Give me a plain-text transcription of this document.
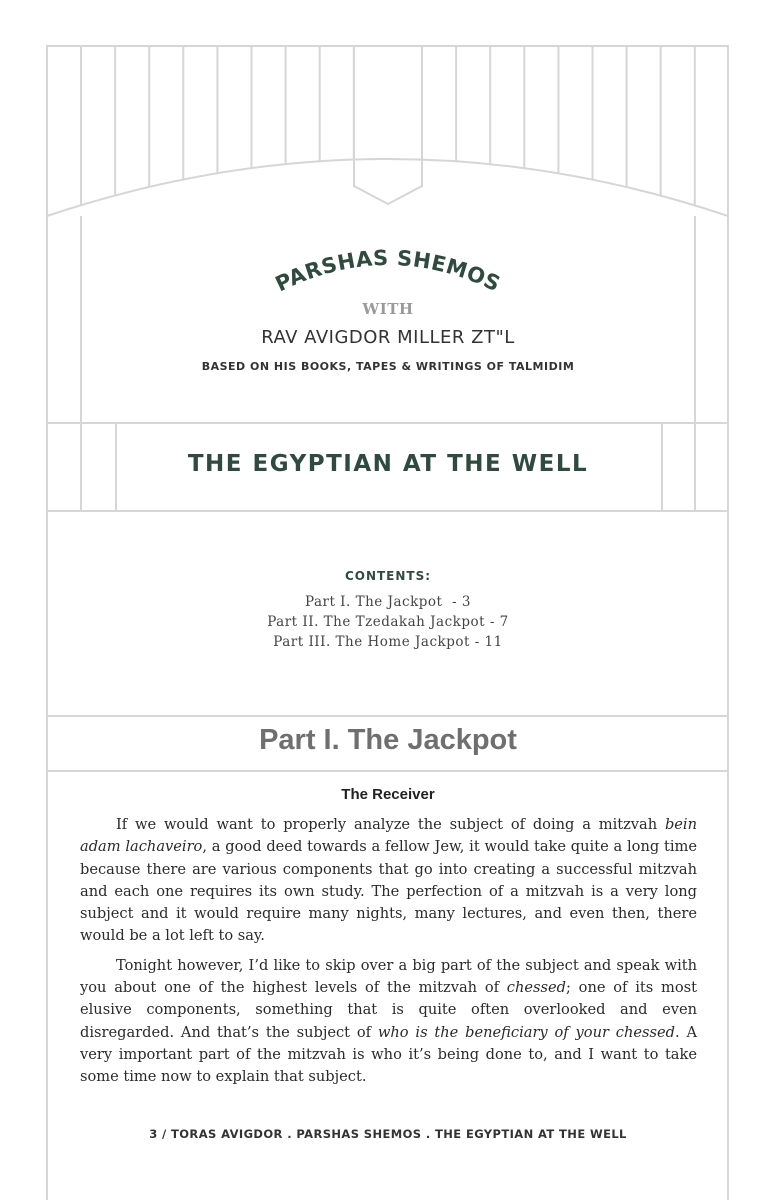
PARSHAS SHEMOS
WITH
RAV AVIGDOR MILLER ZT"L
BASED ON HIS BOOKS, TAPES & WRITINGS OF TALMIDIM
THE EGYPTIAN AT THE WELL
CONTENTS:
Part I. The Jackpot  - 3
Part II. The Tzedakah Jackpot - 7
Part III. The Home Jackpot - 11
Part I. The Jackpot
The Receiver

If we would want to properly analyze the subject of doing a mitzvah bein adam lachaveiro, a good deed towards a fellow Jew, it would take quite a long time because there are various components that go into creating a successful mitzvah and each one requires its own study. The perfection of a mitzvah is a very long subject and it would require many nights, many lectures, and even then, there would be a lot left to say.

Tonight however, I’d like to skip over a big part of the subject and speak with you about one of the highest levels of the mitzvah of chessed; one of its most elusive components, something that is quite often overlooked and even disregarded. And that’s the subject of who is the beneficiary of your chessed. A very important part of the mitzvah is who it’s being done to, and I want to take some time now to explain that subject.

3 / TORAS AVIGDOR . PARSHAS SHEMOS . THE EGYPTIAN AT THE WELL
